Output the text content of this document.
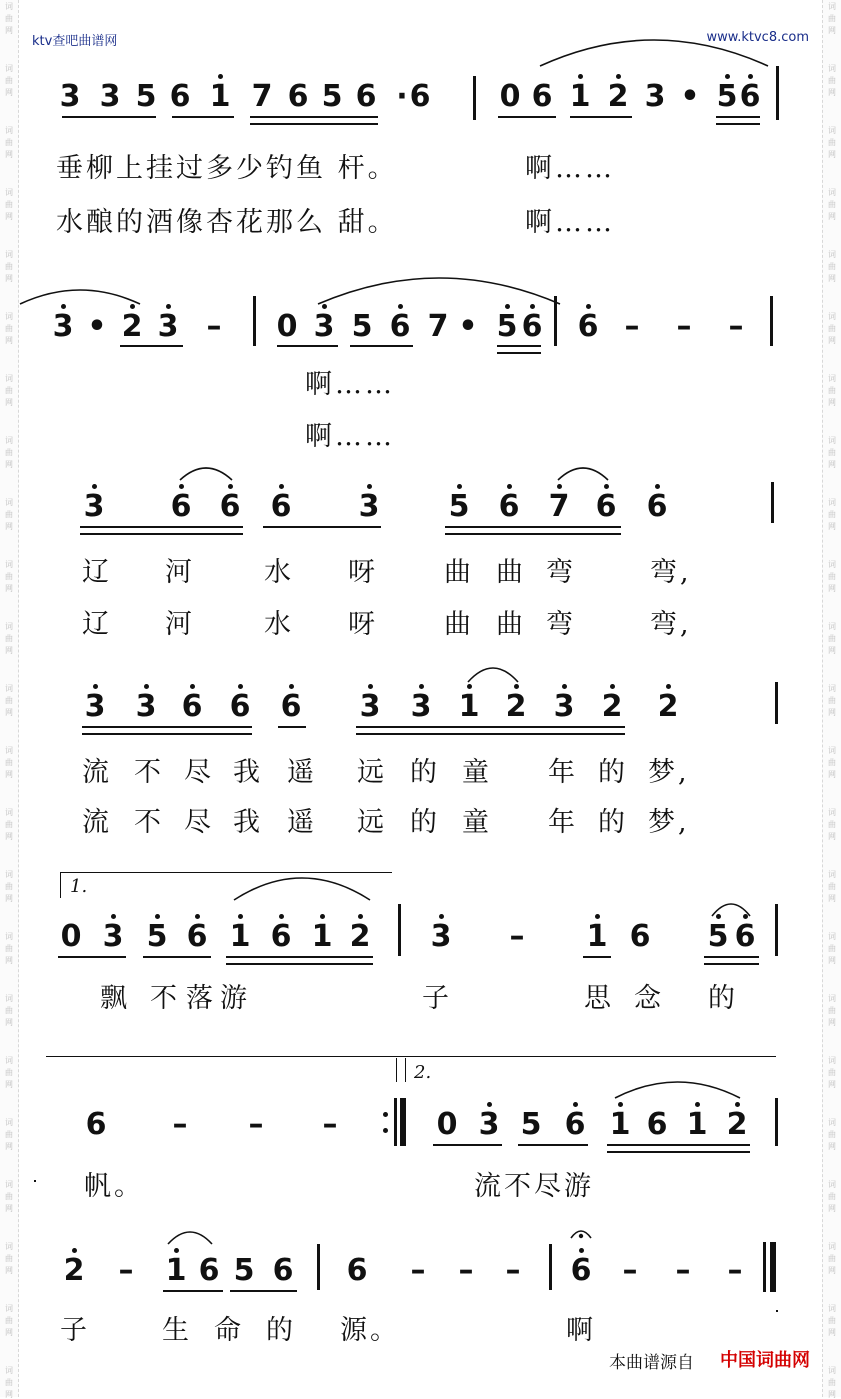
词
曲
网
词
曲
网
词
曲
网
词
曲
网
词
曲
网
词
曲
网
词
曲
网
词
曲
网
词
曲
网
词
曲
网
词
曲
网
词
曲
网
词
曲
网
词
曲
网
词
曲
网
词
曲
网
词
曲
网
词
曲
网
词
曲
网
词
曲
网
词
曲
网
词
曲
网
词
曲
网
词
曲
网
词
曲
网
词
曲
网
词
曲
网
词
曲
网
词
曲
网
词
曲
网
词
曲
网
词
曲
网
词
曲
网
词
曲
网
词
曲
网
词
曲
网
词
曲
网
词
曲
网
词
曲
网
词
曲
网
词
曲
网
词
曲
网
词
曲
网
词
曲
网
词
曲
网
词
曲
网
ktv查吧曲谱网	www.ktvc8.com
3 3 5 6 1 7 6 5 6 6 0 6 1 2 3 • 5 6
·
垂柳上挂过多少钓鱼 杆。	啊……
水酿的酒像杏花那么 甜。	啊……
3 • 2 3 – 0 3 5 6 7 • 5 6 6 – – –
啊……
啊……
3 6 6 6 3 5 6 7 6 6
辽 河	水 呀 曲 曲 弯	弯,
辽 河	水 呀 曲 曲 弯	弯,
3 3 6 6 6 3 3 1 2 3 2 2
流 不 尽 我 遥 远 的 童 年 的 梦,
流 不 尽 我 遥 远 的 童 年 的 梦,
1.
0 3 5 6 1 6 1 2 3 – 1 6 5 6
飘 不 落 游	子	思 念 的
2.
6 – – –	0 3 5 6 1 6 1 2
帆。	流不尽游
2 – 1 6 5 6 6 – – – 6 – – –
子	生 命 的 源。	啊
本曲谱源自 中国词曲网
